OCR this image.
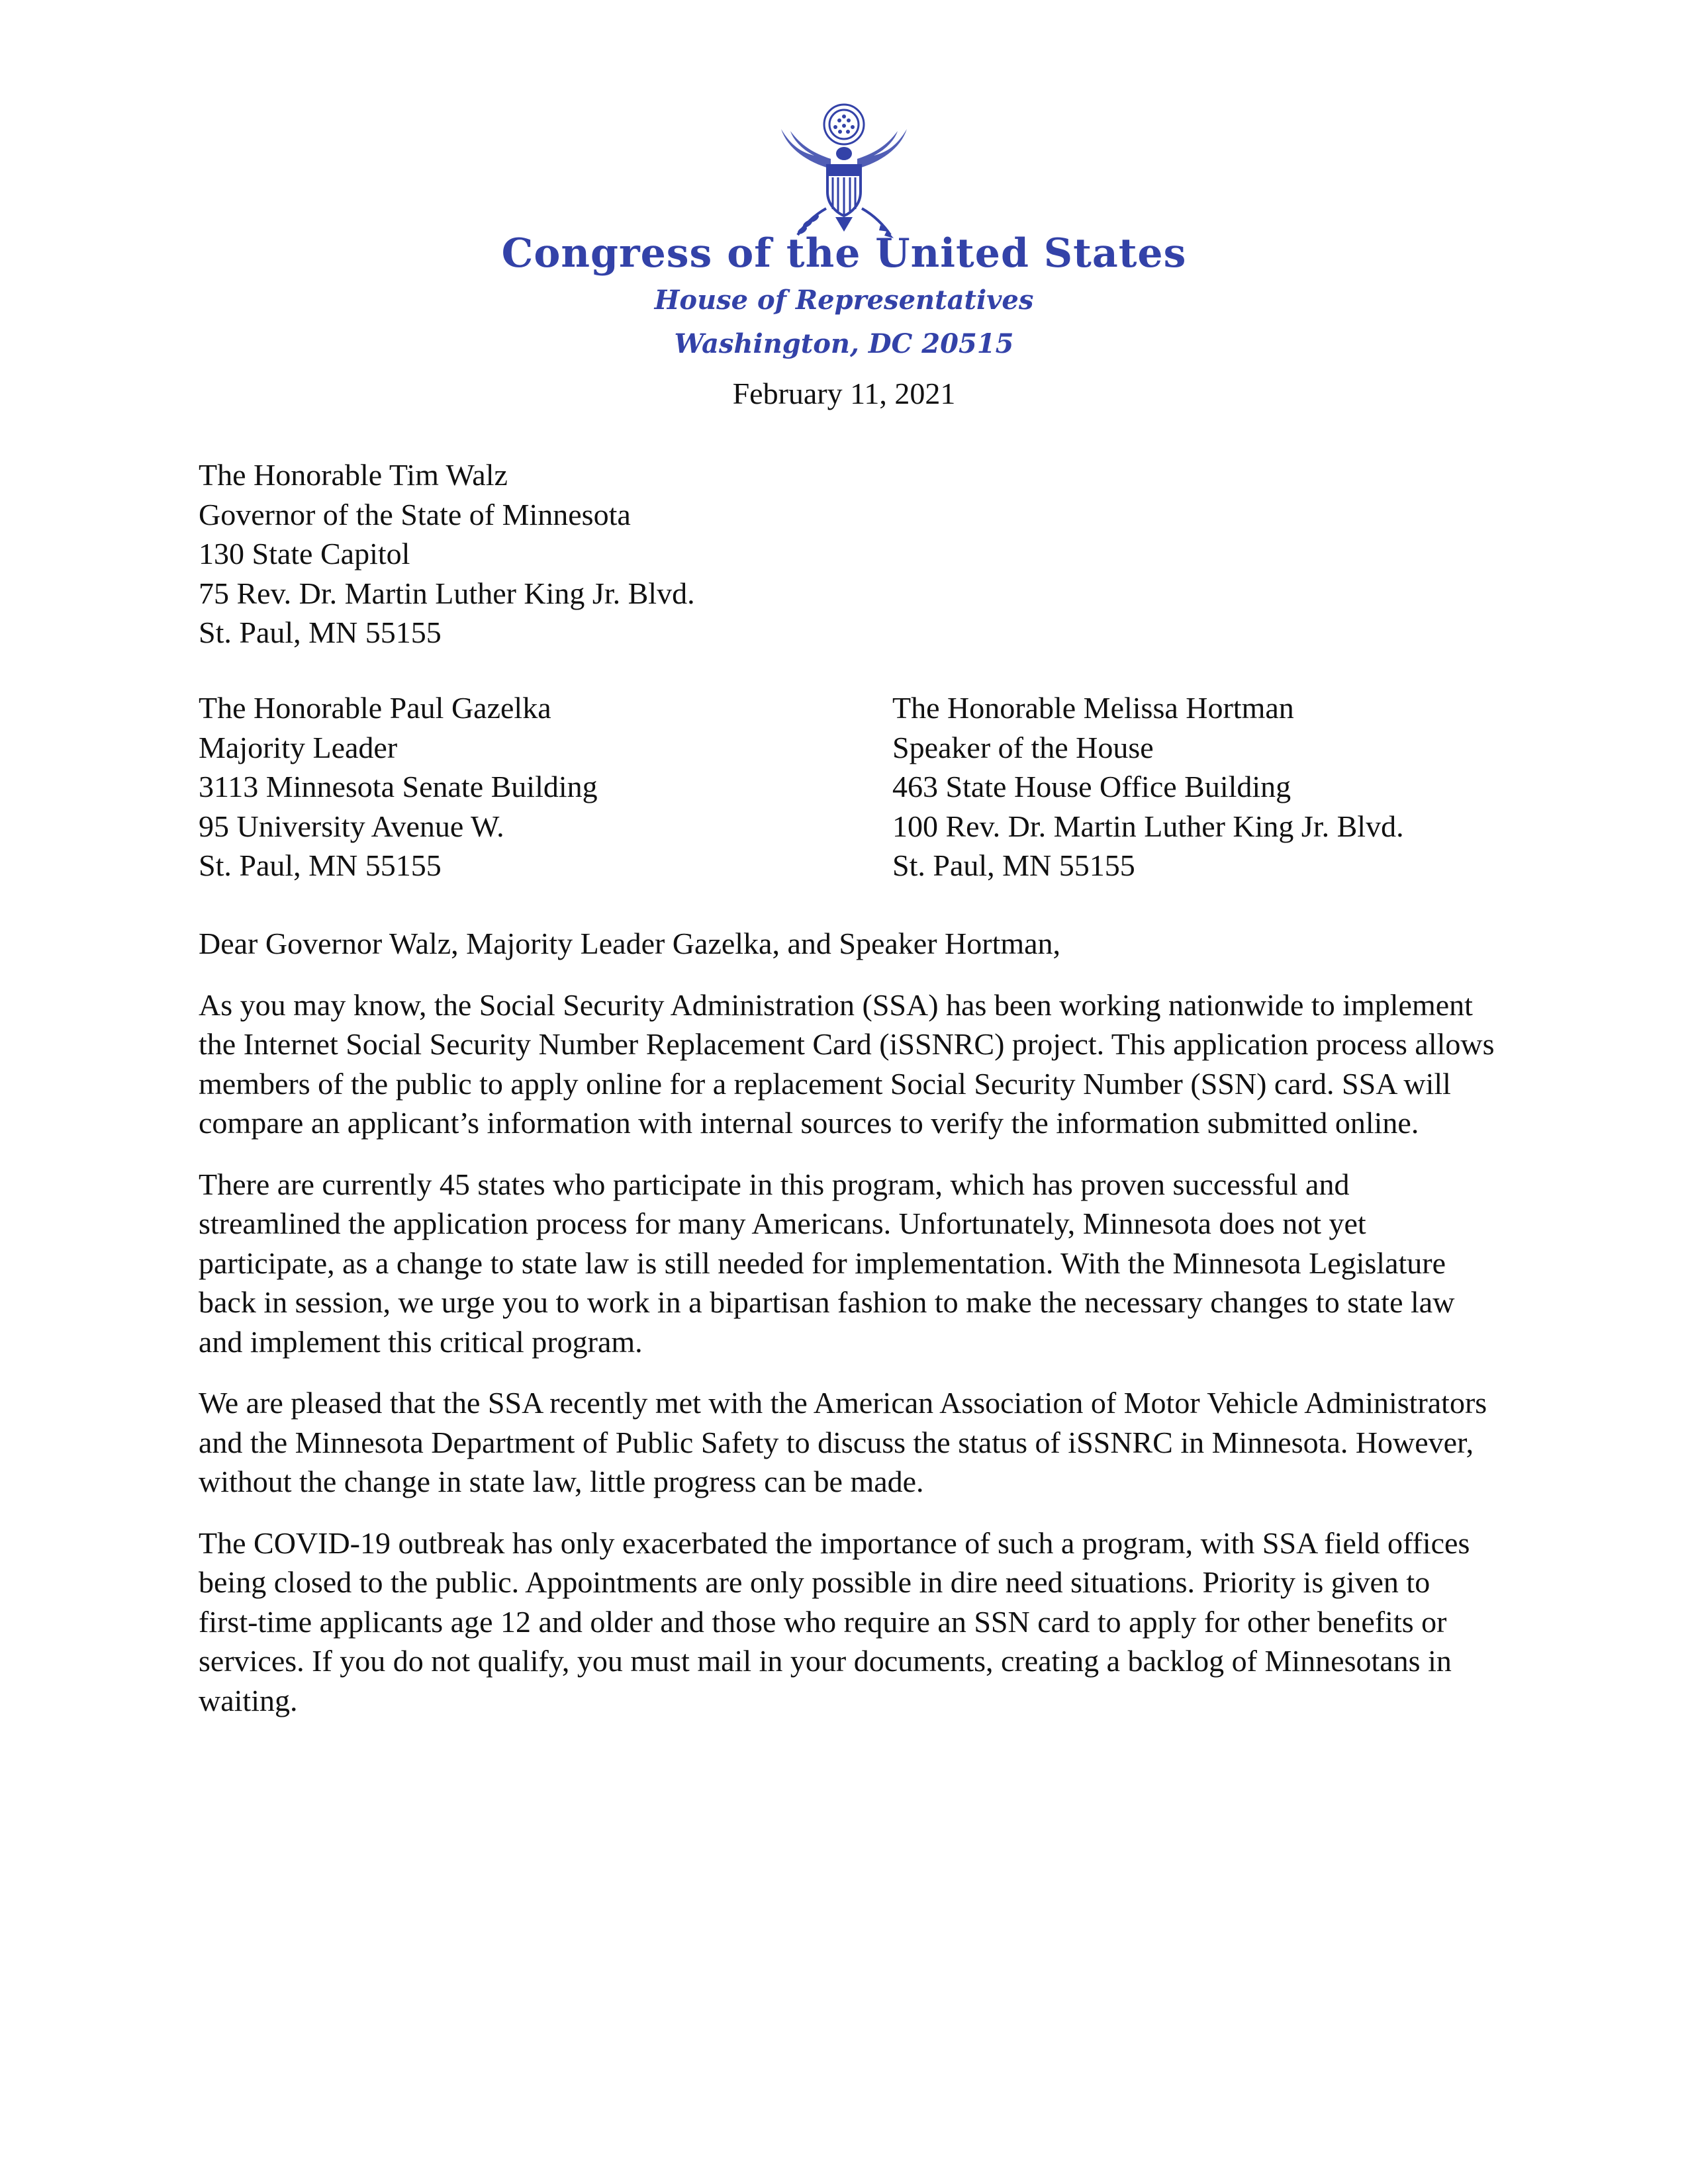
Congress of the United States
House of Representatives
Washington, DC 20515
February 11, 2021
The Honorable Tim Walz
Governor of the State of Minnesota
130 State Capitol
75 Rev. Dr. Martin Luther King Jr. Blvd.
St. Paul, MN 55155
The Honorable Paul Gazelka
Majority Leader
3113 Minnesota Senate Building
95 University Avenue W.
St. Paul, MN 55155
The Honorable Melissa Hortman
Speaker of the House
463 State House Office Building
100 Rev. Dr. Martin Luther King Jr. Blvd.
St. Paul, MN 55155

Dear Governor Walz, Majority Leader Gazelka, and Speaker Hortman,

As you may know, the Social Security Administration (SSA) has been working nationwide to implement the Internet Social Security Number Replacement Card (iSSNRC) project. This application process allows members of the public to apply online for a replacement Social Security Number (SSN) card. SSA will compare an applicant’s information with internal sources to verify the information submitted online.

There are currently 45 states who participate in this program, which has proven successful and streamlined the application process for many Americans. Unfortunately, Minnesota does not yet participate, as a change to state law is still needed for implementation. With the Minnesota Legislature back in session, we urge you to work in a bipartisan fashion to make the necessary changes to state law and implement this critical program.

We are pleased that the SSA recently met with the American Association of Motor Vehicle Administrators and the Minnesota Department of Public Safety to discuss the status of iSSNRC in Minnesota. However, without the change in state law, little progress can be made.

The COVID-19 outbreak has only exacerbated the importance of such a program, with SSA field offices being closed to the public. Appointments are only possible in dire need situations. Priority is given to first-time applicants age 12 and older and those who require an SSN card to apply for other benefits or services. If you do not qualify, you must mail in your documents, creating a backlog of Minnesotans in waiting.
